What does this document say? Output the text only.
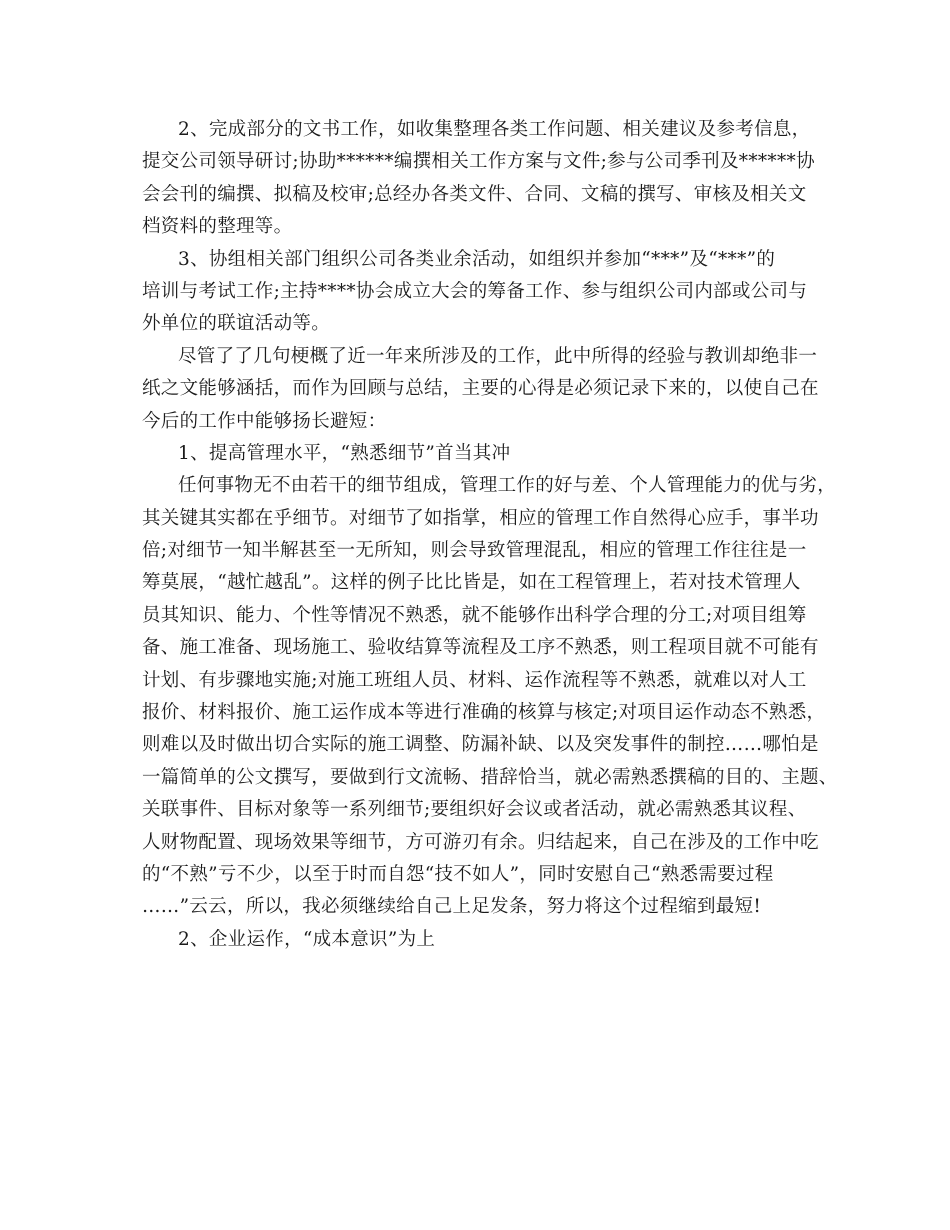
2、完成部分的文书工作，如收集整理各类工作问题、相关建议及参考信息，
提交公司领导研讨;协助******编撰相关工作方案与文件;参与公司季刊及******协
会会刊的编撰、拟稿及校审;总经办各类文件、合同、文稿的撰写、审核及相关文
档资料的整理等。
3、协组相关部门组织公司各类业余活动，如组织并参加“***”及“***”的
培训与考试工作;主持****协会成立大会的筹备工作、参与组织公司内部或公司与
外单位的联谊活动等。
尽管了了几句梗概了近一年来所涉及的工作，此中所得的经验与教训却绝非一
纸之文能够涵括，而作为回顾与总结，主要的心得是必须记录下来的，以使自己在
今后的工作中能够扬长避短：
1、提高管理水平，“熟悉细节”首当其冲
任何事物无不由若干的细节组成，管理工作的好与差、个人管理能力的优与劣，
其关键其实都在乎细节。对细节了如指掌，相应的管理工作自然得心应手，事半功
倍;对细节一知半解甚至一无所知，则会导致管理混乱，相应的管理工作往往是一
筹莫展，“越忙越乱”。这样的例子比比皆是，如在工程管理上，若对技术管理人
员其知识、能力、个性等情况不熟悉，就不能够作出科学合理的分工;对项目组筹
备、施工准备、现场施工、验收结算等流程及工序不熟悉，则工程项目就不可能有
计划、有步骤地实施;对施工班组人员、材料、运作流程等不熟悉，就难以对人工
报价、材料报价、施工运作成本等进行准确的核算与核定;对项目运作动态不熟悉，
则难以及时做出切合实际的施工调整、防漏补缺、以及突发事件的制控……哪怕是
一篇简单的公文撰写，要做到行文流畅、措辞恰当，就必需熟悉撰稿的目的、主题、
关联事件、目标对象等一系列细节;要组织好会议或者活动，就必需熟悉其议程、
人财物配置、现场效果等细节，方可游刃有余。归结起来，自己在涉及的工作中吃
的“不熟”亏不少，以至于时而自怨“技不如人”，同时安慰自己“熟悉需要过程
……”云云，所以，我必须继续给自己上足发条，努力将这个过程缩到最短!
2、企业运作，“成本意识”为上
